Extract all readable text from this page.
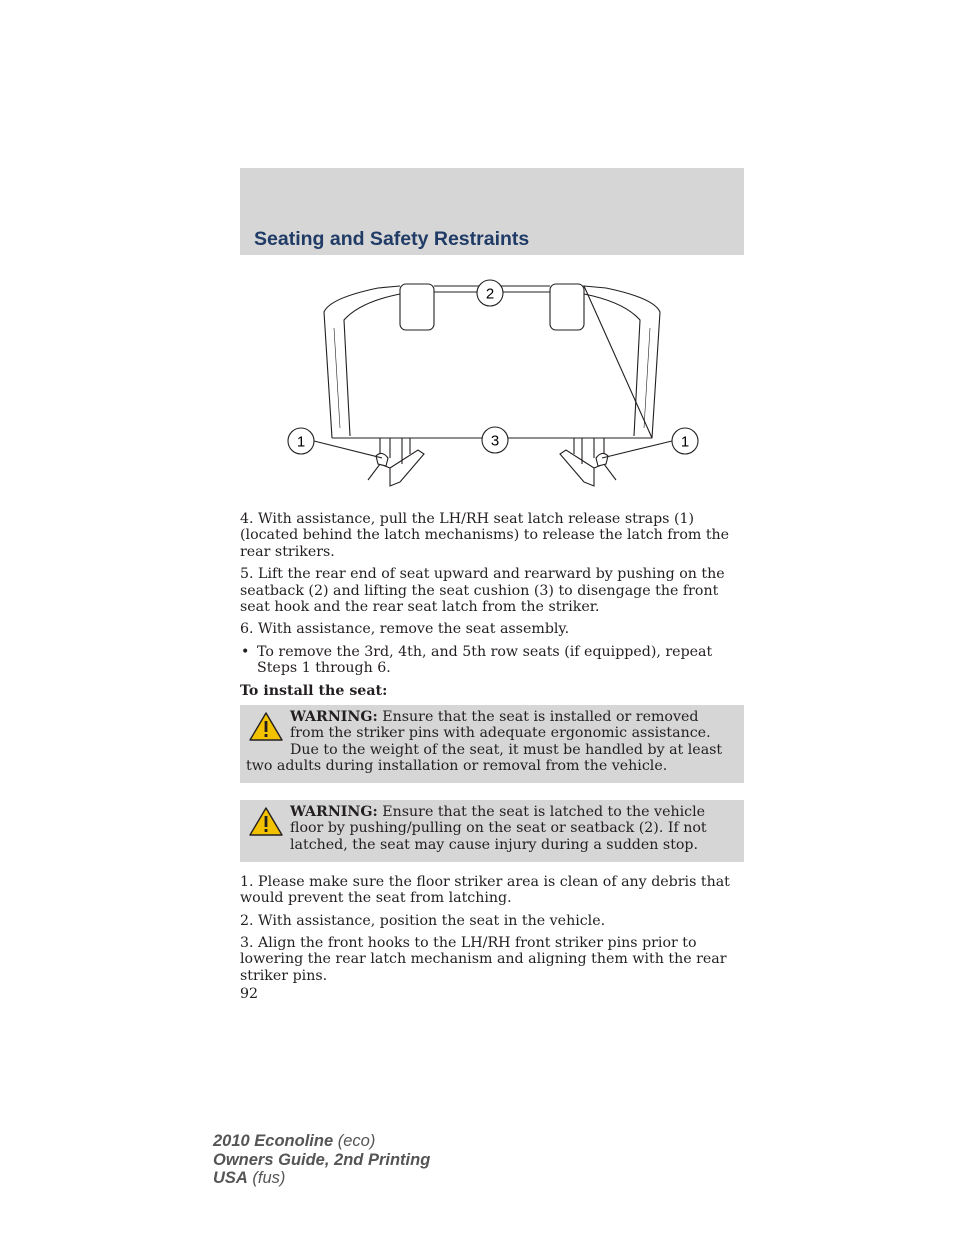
Seating and Safety Restraints
2
1	3	1

4. With assistance, pull the LH/RH seat latch release straps (1) (located behind the latch mechanisms) to release the latch from the rear strikers.

5. Lift the rear end of seat upward and rearward by pushing on the seatback (2) and lifting the seat cushion (3) to disengage the front seat hook and the rear seat latch from the striker.

6. With assistance, remove the seat assembly.

• To remove the 3rd, 4th, and 5th row seats (if equipped), repeat Steps 1 through 6.

To install the seat:

WARNING: Ensure that the seat is installed or removed from the striker pins with adequate ergonomic assistance. Due to the weight of the seat, it must be handled by at least two adults during installation or removal from the vehicle.
WARNING: Ensure that the seat is latched to the vehicle floor by pushing/pulling on the seat or seatback (2). If not latched, the seat may cause injury during a sudden stop.

1. Please make sure the floor striker area is clean of any debris that would prevent the seat from latching.

2. With assistance, position the seat in the vehicle.

3. Align the front hooks to the LH/RH front striker pins prior to lowering the rear latch mechanism and aligning them with the rear striker pins.

92
2010 Econoline (eco)
Owners Guide, 2nd Printing
USA (fus)
